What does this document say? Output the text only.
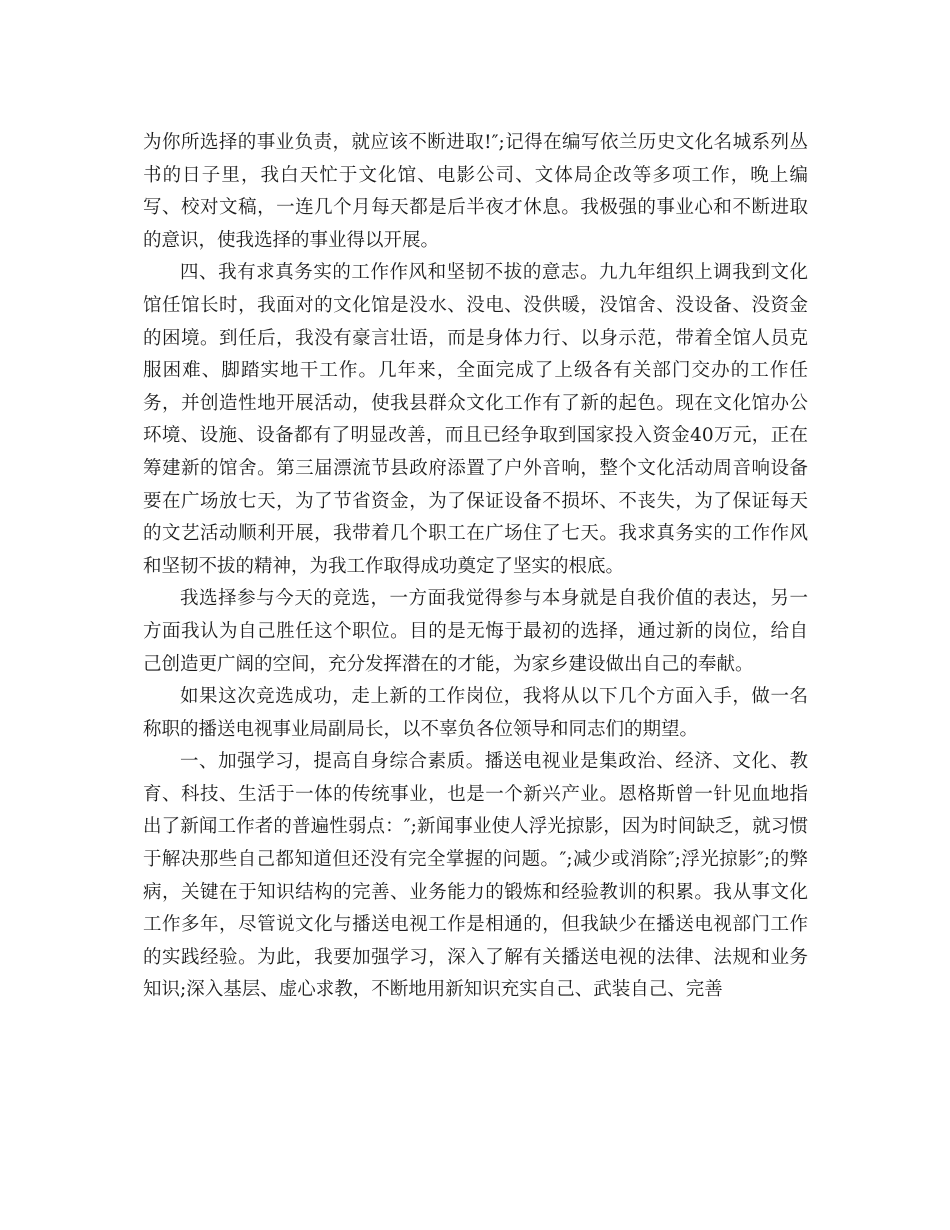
为你所选择的事业负责，就应该不断进取!″;记得在编写依兰历史文化名城系列丛书的日子里，我白天忙于文化馆、电影公司、文体局企改等多项工作，晚上编写、校对文稿，一连几个月每天都是后半夜才休息。我极强的事业心和不断进取的意识，使我选择的事业得以开展。

四、我有求真务实的工作作风和坚韧不拔的意志。九九年组织上调我到文化馆任馆长时，我面对的文化馆是没水、没电、没供暖，没馆舍、没设备、没资金的困境。到任后，我没有豪言壮语，而是身体力行、以身示范，带着全馆人员克服困难、脚踏实地干工作。几年来，全面完成了上级各有关部门交办的工作任务，并创造性地开展活动，使我县群众文化工作有了新的起色。现在文化馆办公环境、设施、设备都有了明显改善，而且已经争取到国家投入资金40万元，正在筹建新的馆舍。第三届漂流节县政府添置了户外音响，整个文化活动周音响设备要在广场放七天，为了节省资金，为了保证设备不损坏、不丧失，为了保证每天的文艺活动顺利开展，我带着几个职工在广场住了七天。我求真务实的工作作风和坚韧不拔的精神，为我工作取得成功奠定了坚实的根底。

我选择参与今天的竞选，一方面我觉得参与本身就是自我价值的表达，另一方面我认为自己胜任这个职位。目的是无悔于最初的选择，通过新的岗位，给自己创造更广阔的空间，充分发挥潜在的才能，为家乡建设做出自己的奉献。

如果这次竞选成功，走上新的工作岗位，我将从以下几个方面入手，做一名称职的播送电视事业局副局长，以不辜负各位领导和同志们的期望。

一、加强学习，提高自身综合素质。播送电视业是集政治、经济、文化、教育、科技、生活于一体的传统事业，也是一个新兴产业。恩格斯曾一针见血地指出了新闻工作者的普遍性弱点：″;新闻事业使人浮光掠影，因为时间缺乏，就习惯于解决那些自己都知道但还没有完全掌握的问题。″;减少或消除″;浮光掠影″;的弊病，关键在于知识结构的完善、业务能力的锻炼和经验教训的积累。我从事文化工作多年，尽管说文化与播送电视工作是相通的，但我缺少在播送电视部门工作的实践经验。为此，我要加强学习，深入了解有关播送电视的法律、法规和业务知识;深入基层、虚心求教，不断地用新知识充实自己、武装自己、完善
